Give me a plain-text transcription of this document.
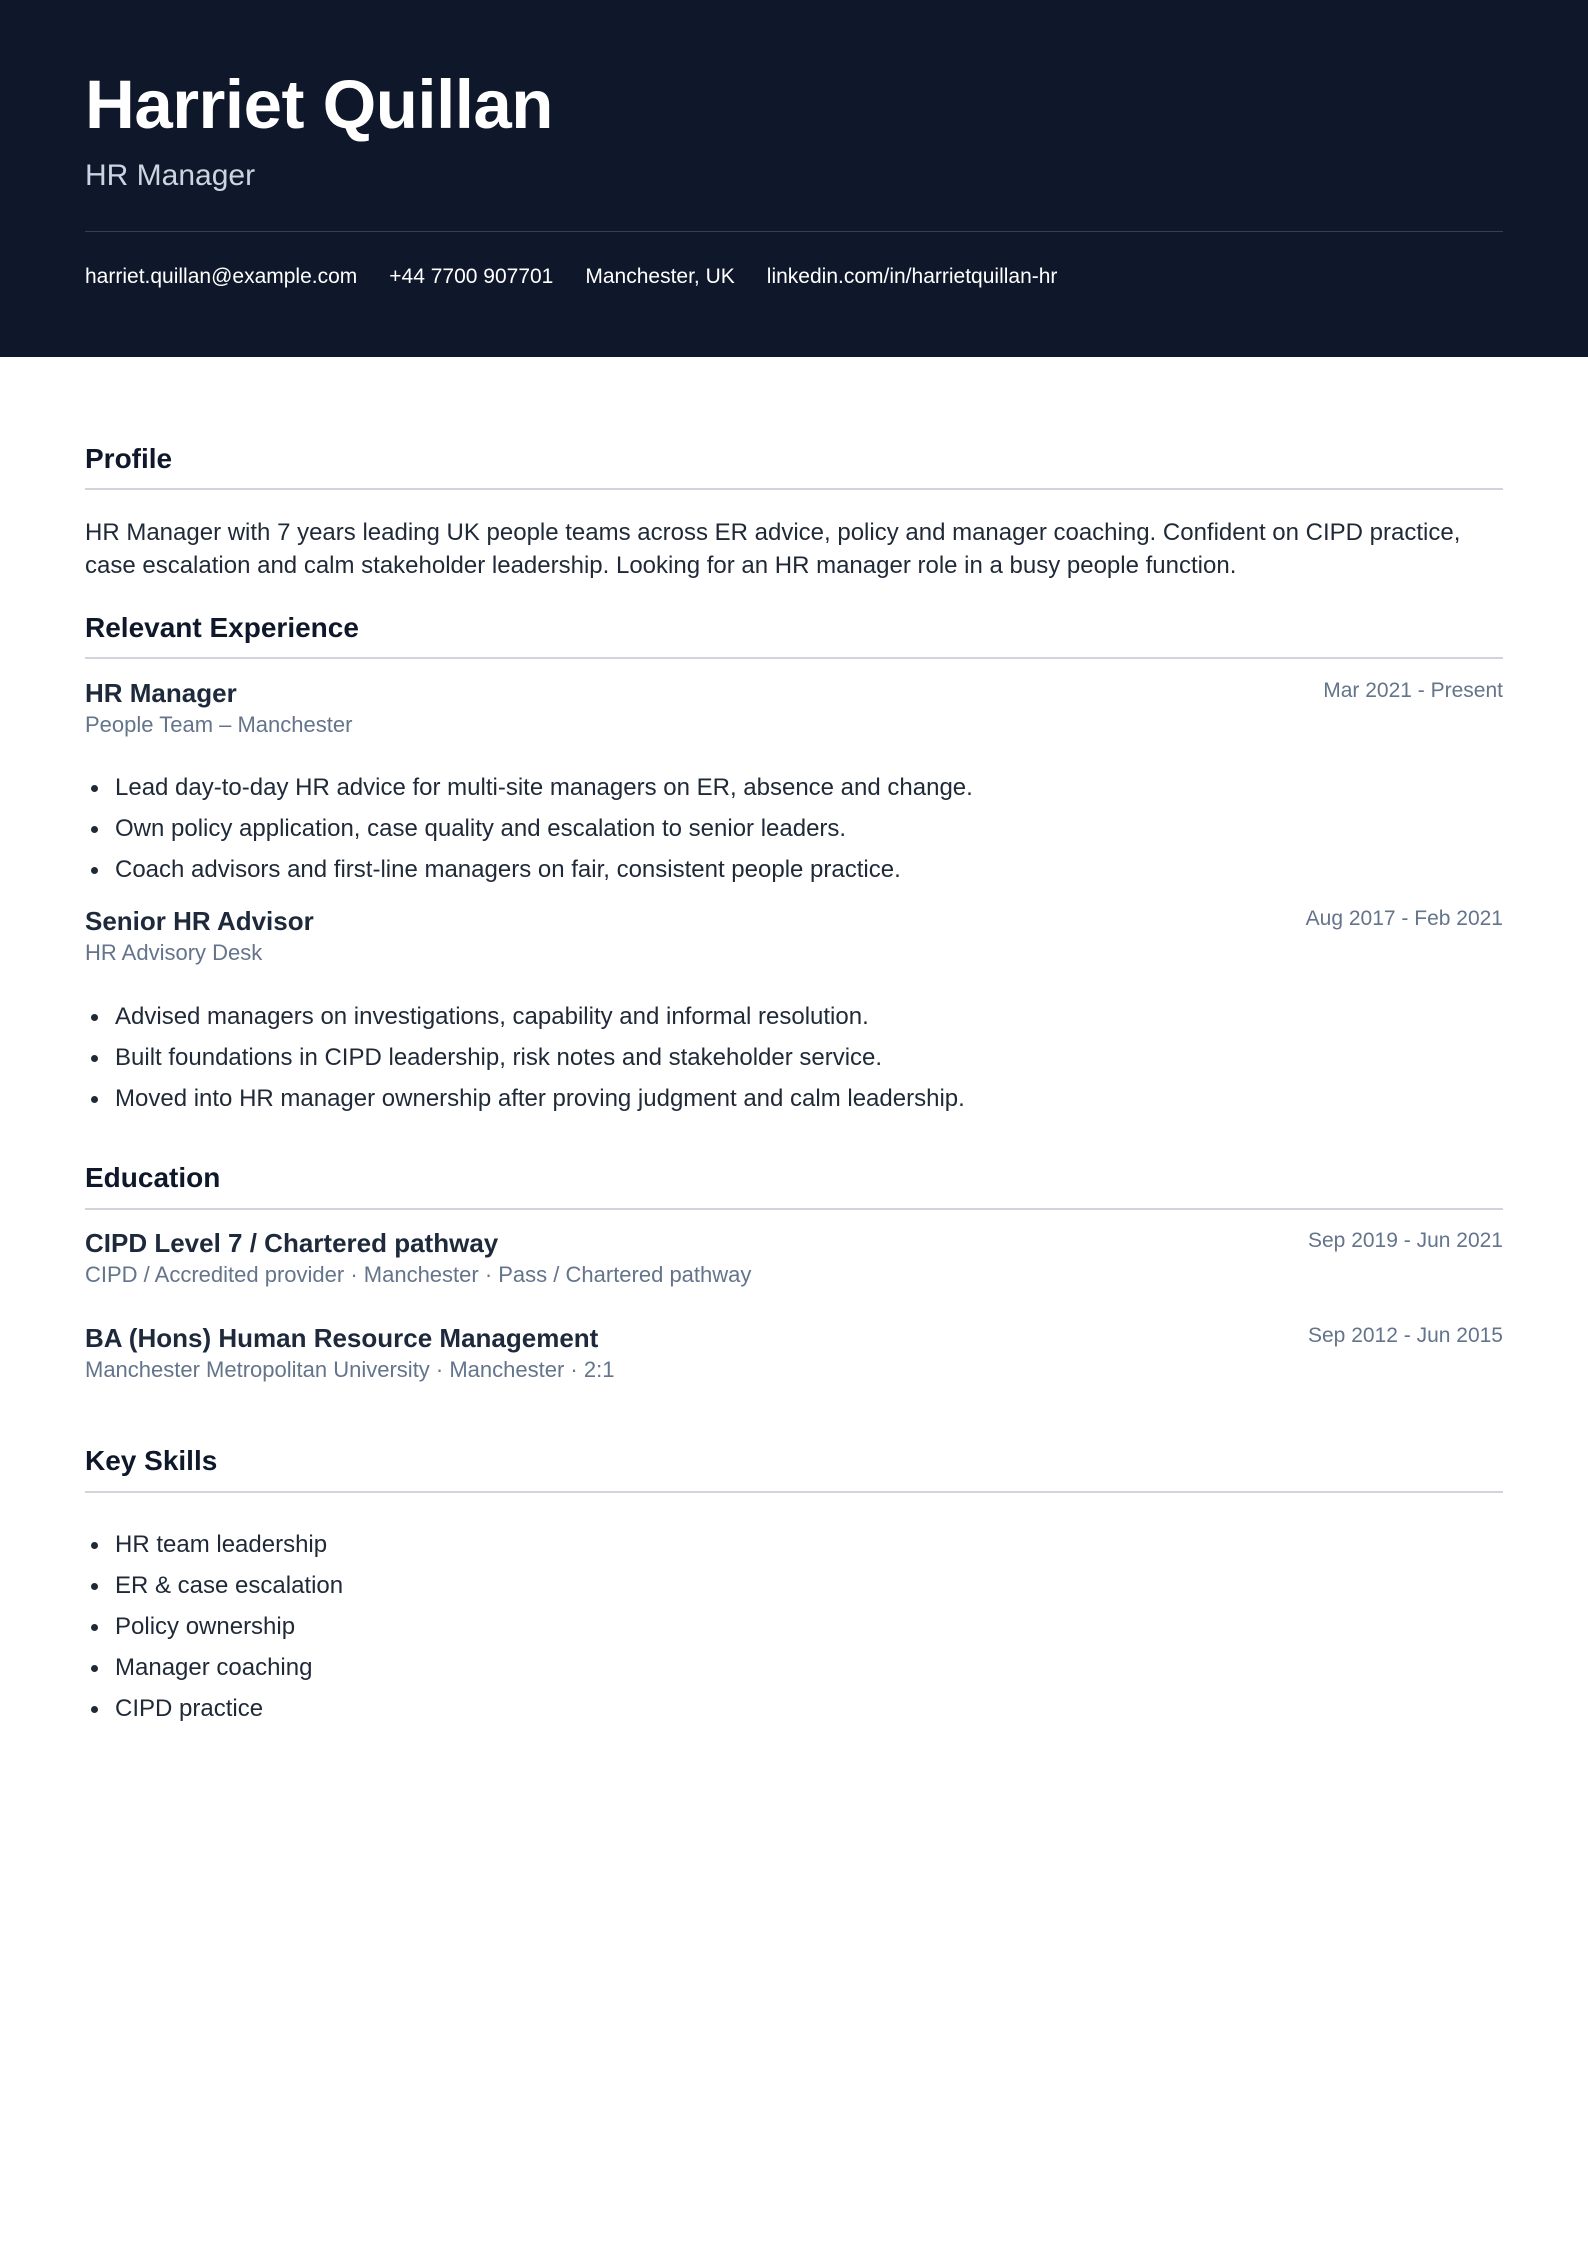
Harriet Quillan
HR Manager
harriet.quillan@example.com +44 7700 907701 Manchester, UK linkedin.com/in/harrietquillan-hr
Profile
HR Manager with 7 years leading UK people teams across ER advice, policy and manager coaching. Confident on CIPD practice, case escalation and calm stakeholder leadership. Looking for an HR manager role in a busy people function.
Relevant Experience
HR Manager	Mar 2021 - Present
People Team – Manchester
Lead day-to-day HR advice for multi-site managers on ER, absence and change.
Own policy application, case quality and escalation to senior leaders.
Coach advisors and first-line managers on fair, consistent people practice.
Senior HR Advisor	Aug 2017 - Feb 2021
HR Advisory Desk
Advised managers on investigations, capability and informal resolution.
Built foundations in CIPD leadership, risk notes and stakeholder service.
Moved into HR manager ownership after proving judgment and calm leadership.
Education
CIPD Level 7 / Chartered pathway	Sep 2019 - Jun 2021
CIPD / Accredited provider · Manchester · Pass / Chartered pathway
BA (Hons) Human Resource Management	Sep 2012 - Jun 2015
Manchester Metropolitan University · Manchester · 2:1
Key Skills
HR team leadership
ER & case escalation
Policy ownership
Manager coaching
CIPD practice
